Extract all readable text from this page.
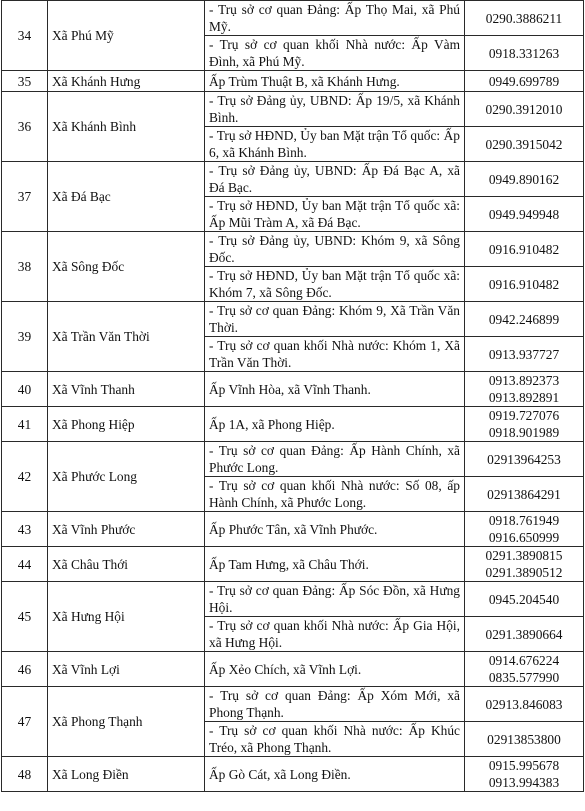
34	Xã Phú Mỹ	- Trụ sở cơ quan Đảng: Ấp Thọ Mai, xã Phú Mỹ.	0290.3886211

		- Trụ sở cơ quan khối Nhà nước: Ấp Vàm Đình, xã Phú Mỹ.	0918.331263

35	Xã Khánh Hưng	Ấp Trùm Thuật B, xã Khánh Hưng.	0949.699789

36	Xã Khánh Bình	- Trụ sở Đảng ủy, UBND: Ấp 19/5, xã Khánh Bình.	0290.3912010

		- Trụ sở HĐND, Ủy ban Mặt trận Tổ quốc: Ấp 6, xã Khánh Bình.	0290.3915042

37	Xã Đá Bạc	- Trụ sở Đảng ủy, UBND: Ấp Đá Bạc A, xã Đá Bạc.	0949.890162

		- Trụ sở HĐND, Ủy ban Mặt trận Tổ quốc xã: Ấp Mũi Tràm A, xã Đá Bạc.	0949.949948

38	Xã Sông Đốc	- Trụ sở Đảng ủy, UBND: Khóm 9, xã Sông Đốc.	0916.910482

		- Trụ sở HĐND, Ủy ban Mặt trận Tổ quốc xã: Khóm 7, xã Sông Đốc.	0916.910482

39	Xã Trần Văn Thời	- Trụ sở cơ quan Đảng: Khóm 9, Xã Trần Văn Thời.	0942.246899

		- Trụ sở cơ quan khối Nhà nước: Khóm 1, Xã Trần Văn Thời.	0913.937727

40	Xã Vĩnh Thanh	Ấp Vĩnh Hòa, xã Vĩnh Thanh.	0913.892373
0913.892891

41	Xã Phong Hiệp	Ấp 1A, xã Phong Hiệp.	0919.727076
0918.901989

42	Xã Phước Long	- Trụ sở cơ quan Đảng: Ấp Hành Chính, xã Phước Long.	02913964253

		- Trụ sở cơ quan khối Nhà nước: Số 08, ấp Hành Chính, xã Phước Long.	02913864291

43	Xã Vĩnh Phước	Ấp Phước Tân, xã Vĩnh Phước.	0918.761949
0916.650999

44	Xã Châu Thới	Ấp Tam Hưng, xã Châu Thới.	0291.3890815
0291.3890512

45	Xã Hưng Hội	- Trụ sở cơ quan Đảng: Ấp Sóc Đồn, xã Hưng Hội.	0945.204540

		- Trụ sở cơ quan khối Nhà nước: Ấp Gia Hội, xã Hưng Hội.	0291.3890664

46	Xã Vĩnh Lợi	Ấp Xẻo Chích, xã Vĩnh Lợi.	0914.676224
0835.577990

47	Xã Phong Thạnh	- Trụ sở cơ quan Đảng: Ấp Xóm Mới, xã Phong Thạnh.	02913.846083

		- Trụ sở cơ quan khối Nhà nước: Ấp Khúc Tréo, xã Phong Thạnh.	02913853800

48	Xã Long Điền	Ấp Gò Cát, xã Long Điền.	0915.995678
0913.994383
